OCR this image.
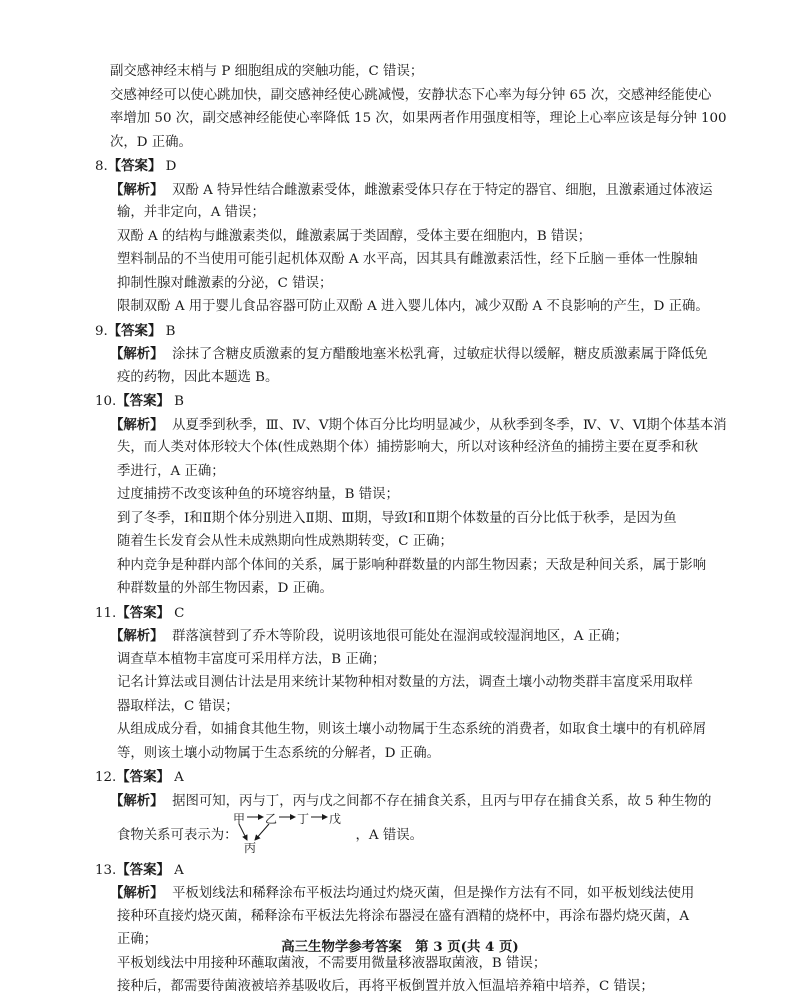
副交感神经末梢与 P 细胞组成的突触功能，C 错误；
交感神经可以使心跳加快，副交感神经使心跳减慢，安静状态下心率为每分钟 65 次，交感神经能使心
率增加 50 次，副交感神经能使心率降低 15 次，如果两者作用强度相等，理论上心率应该是每分钟 100
次，D 正确。
8.【答案】 D
【解析】 双酚 A 特异性结合雌激素受体，雌激素受体只存在于特定的器官、细胞，且激素通过体液运
输，并非定向，A 错误；
双酚 A 的结构与雌激素类似，雌激素属于类固醇，受体主要在细胞内，B 错误；
塑料制品的不当使用可能引起机体双酚 A 水平高，因其具有雌激素活性，经下丘脑－垂体一性腺轴
抑制性腺对雌激素的分泌，C 错误；
限制双酚 A 用于婴儿食品容器可防止双酚 A 进入婴儿体内，减少双酚 A 不良影响的产生，D 正确。
9.【答案】 B
【解析】 涂抹了含糖皮质激素的复方醋酸地塞米松乳膏，过敏症状得以缓解，糖皮质激素属于降低免
疫的药物，因此本题选 B。
10.【答案】 B
【解析】 从夏季到秋季，Ⅲ、Ⅳ、Ⅴ期个体百分比均明显减少，从秋季到冬季，Ⅳ、Ⅴ、Ⅵ期个体基本消
失，而人类对体形较大个体(性成熟期个体）捕捞影响大，所以对该种经济鱼的捕捞主要在夏季和秋
季进行，A 正确；
过度捕捞不改变该种鱼的环境容纳量，B 错误；
到了冬季，Ⅰ和Ⅱ期个体分别进入Ⅱ期、Ⅲ期，导致Ⅰ和Ⅱ期个体数量的百分比低于秋季，是因为鱼
随着生长发育会从性未成熟期向性成熟期转变，C 正确；
种内竞争是种群内部个体间的关系，属于影响种群数量的内部生物因素；天敌是种间关系，属于影响
种群数量的外部生物因素，D 正确。
11.【答案】 C
【解析】 群落演替到了乔木等阶段，说明该地很可能处在湿润或较湿润地区，A 正确；
调查草本植物丰富度可采用样方法，B 正确；
记名计算法或目测估计法是用来统计某物种相对数量的方法，调查土壤小动物类群丰富度采用取样
器取样法，C 错误；
从组成成分看，如捕食其他生物，则该土壤小动物属于生态系统的消费者，如取食土壤中的有机碎屑
等，则该土壤小动物属于生态系统的分解者，D 正确。
12.【答案】 A
【解析】 据图可知，丙与丁，丙与戊之间都不存在捕食关系，且丙与甲存在捕食关系，故 5 种生物的
食物关系可表示为：	，A 错误。
甲 乙 丁 戊
丙
13.【答案】 A
【解析】 平板划线法和稀释涂布平板法均通过灼烧灭菌，但是操作方法有不同，如平板划线法使用
接种环直接灼烧灭菌，稀释涂布平板法先将涂布器浸在盛有酒精的烧杯中，再涂布器灼烧灭菌，A
正确；
平板划线法中用接种环蘸取菌液，不需要用微量移液器取菌液，B 错误；
接种后，都需要待菌液被培养基吸收后，再将平板倒置并放入恒温培养箱中培养，C 错误；
高三生物学参考答案　第 3 页(共 4 页)
